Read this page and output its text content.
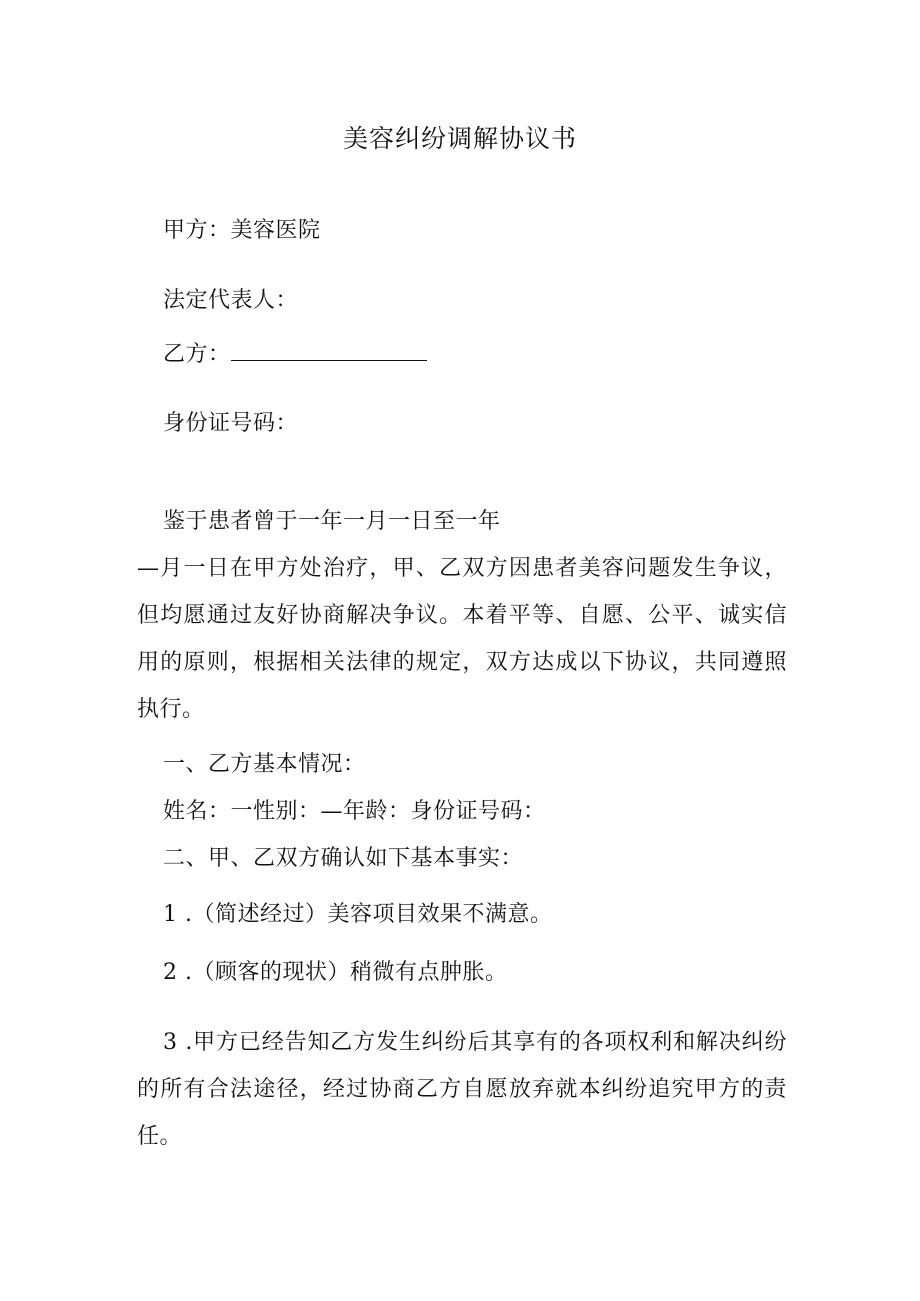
美容纠纷调解协议书
甲方：美容医院
法定代表人：
乙方：
身份证号码：
鉴于患者曾于一年一月一日至一年
—月一日在甲方处治疗，甲、乙双方因患者美容问题发生争议，但均愿通过友好协商解决争议。本着平等、自愿、公平、诚实信用的原则，根据相关法律的规定，双方达成以下协议，共同遵照执行。
一、乙方基本情况：
姓名：一性别：—年龄：身份证号码：
二、甲、乙双方确认如下基本事实：
1 .（简述经过）美容项目效果不满意。
2 .（顾客的现状）稍微有点肿胀。
3 .甲方已经告知乙方发生纠纷后其享有的各项权利和解决纠纷的所有合法途径，经过协商乙方自愿放弃就本纠纷追究甲方的责任。
